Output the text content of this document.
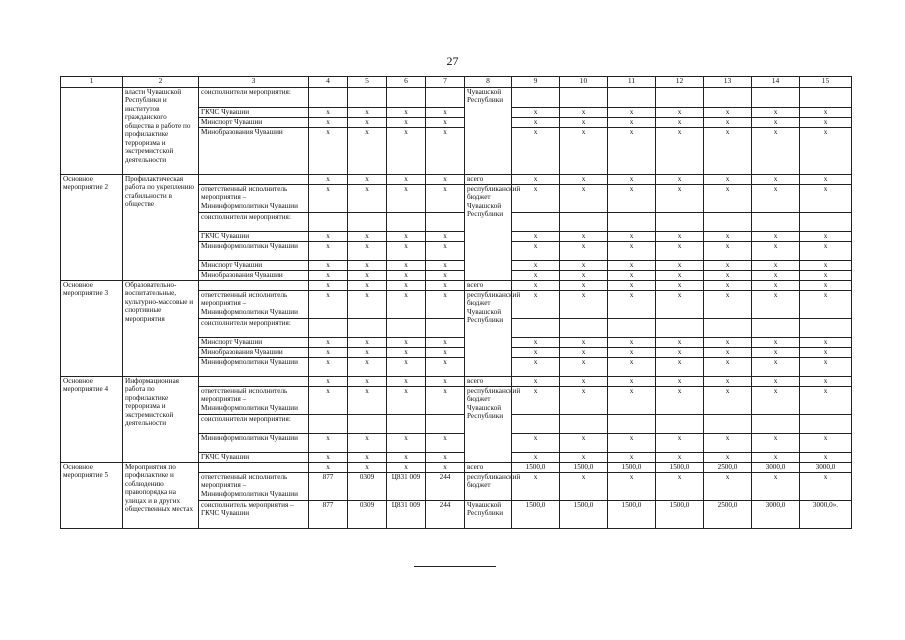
27
1	2	3	4	5	6	7	8	9	10	11	12	13	14	15
	власти Чувашской Республики и институтов гражданского общества в работе по профилактике терроризма и экстремистской деятельности	соисполнители мероприятия:					Чувашской Республики							
		ГКЧС Чувашии	x	x	x	x		x	x	x	x	x	x	x
		Минспорт Чувашии	x	x	x	x		x	x	x	x	x	x	x
		Минобразования Чувашии	x	x	x	x		x	x	x	x	x	x	x
Основное мероприятие 2	Профилактическая работа по укреплению стабильности в обществе		x	x	x	x	всего	x	x	x	x	x	x	x
		ответственный исполнитель мероприятия – Мининформполитики Чувашии	x	x	x	x	республиканский бюджет Чувашской Республики	x	x	x	x	x	x	x
		соисполнители мероприятия:												
		ГКЧС Чувашии	x	x	x	x		x	x	x	x	x	x	x
		Мининформполитики Чувашии	x	x	x	x		x	x	x	x	x	x	x
		Минспорт Чувашии	x	x	x	x		x	x	x	x	x	x	x
		Минобразования Чувашии	x	x	x	x		x	x	x	x	x	x	x
Основное мероприятие 3	Образовательно-воспитательные, культурно-массовые и спортивные мероприятия		x	x	x	x	всего	x	x	x	x	x	x	x
		ответственный исполнитель мероприятия – Мининформполитики Чувашии	x	x	x	x	республиканский бюджет Чувашской Республики	x	x	x	x	x	x	x
		соисполнители мероприятия:												
		Минспорт Чувашии	x	x	x	x		x	x	x	x	x	x	x
		Минобразования Чувашии	x	x	x	x		x	x	x	x	x	x	x
		Мининформполитики Чувашии	x	x	x	x		x	x	x	x	x	x	x
Основное мероприятие 4	Информационная работа по профилактике терроризма и экстремистской деятельности		x	x	x	x	всего	x	x	x	x	x	x	x
		ответственный исполнитель мероприятия – Мининформполитики Чувашии	x	x	x	x	республиканский бюджет Чувашской Республики	x	x	x	x	x	x	x
		соисполнители мероприятия:												
		Мининформполитики Чувашии	x	x	x	x		x	x	x	x	x	x	x
		ГКЧС Чувашии	x	x	x	x		x	x	x	x	x	x	x
Основное мероприятие 5	Мероприятия по профилактике и соблюдению правопорядка на улицах и в других общественных местах		x	x	x	x	всего	1500,0	1500,0	1500,0	1500,0	2500,0	3000,0	3000,0
		ответственный исполнитель мероприятия – Мининформполитики Чувашии	877	0309	Ц831 009	244	республиканский бюджет	x	x	x	x	x	x	x
		соисполнитель мероприятия – ГКЧС Чувашии	877	0309	Ц831 009	244	Чувашской Республики	1500,0	1500,0	1500,0	1500,0	2500,0	3000,0	3000,0».
